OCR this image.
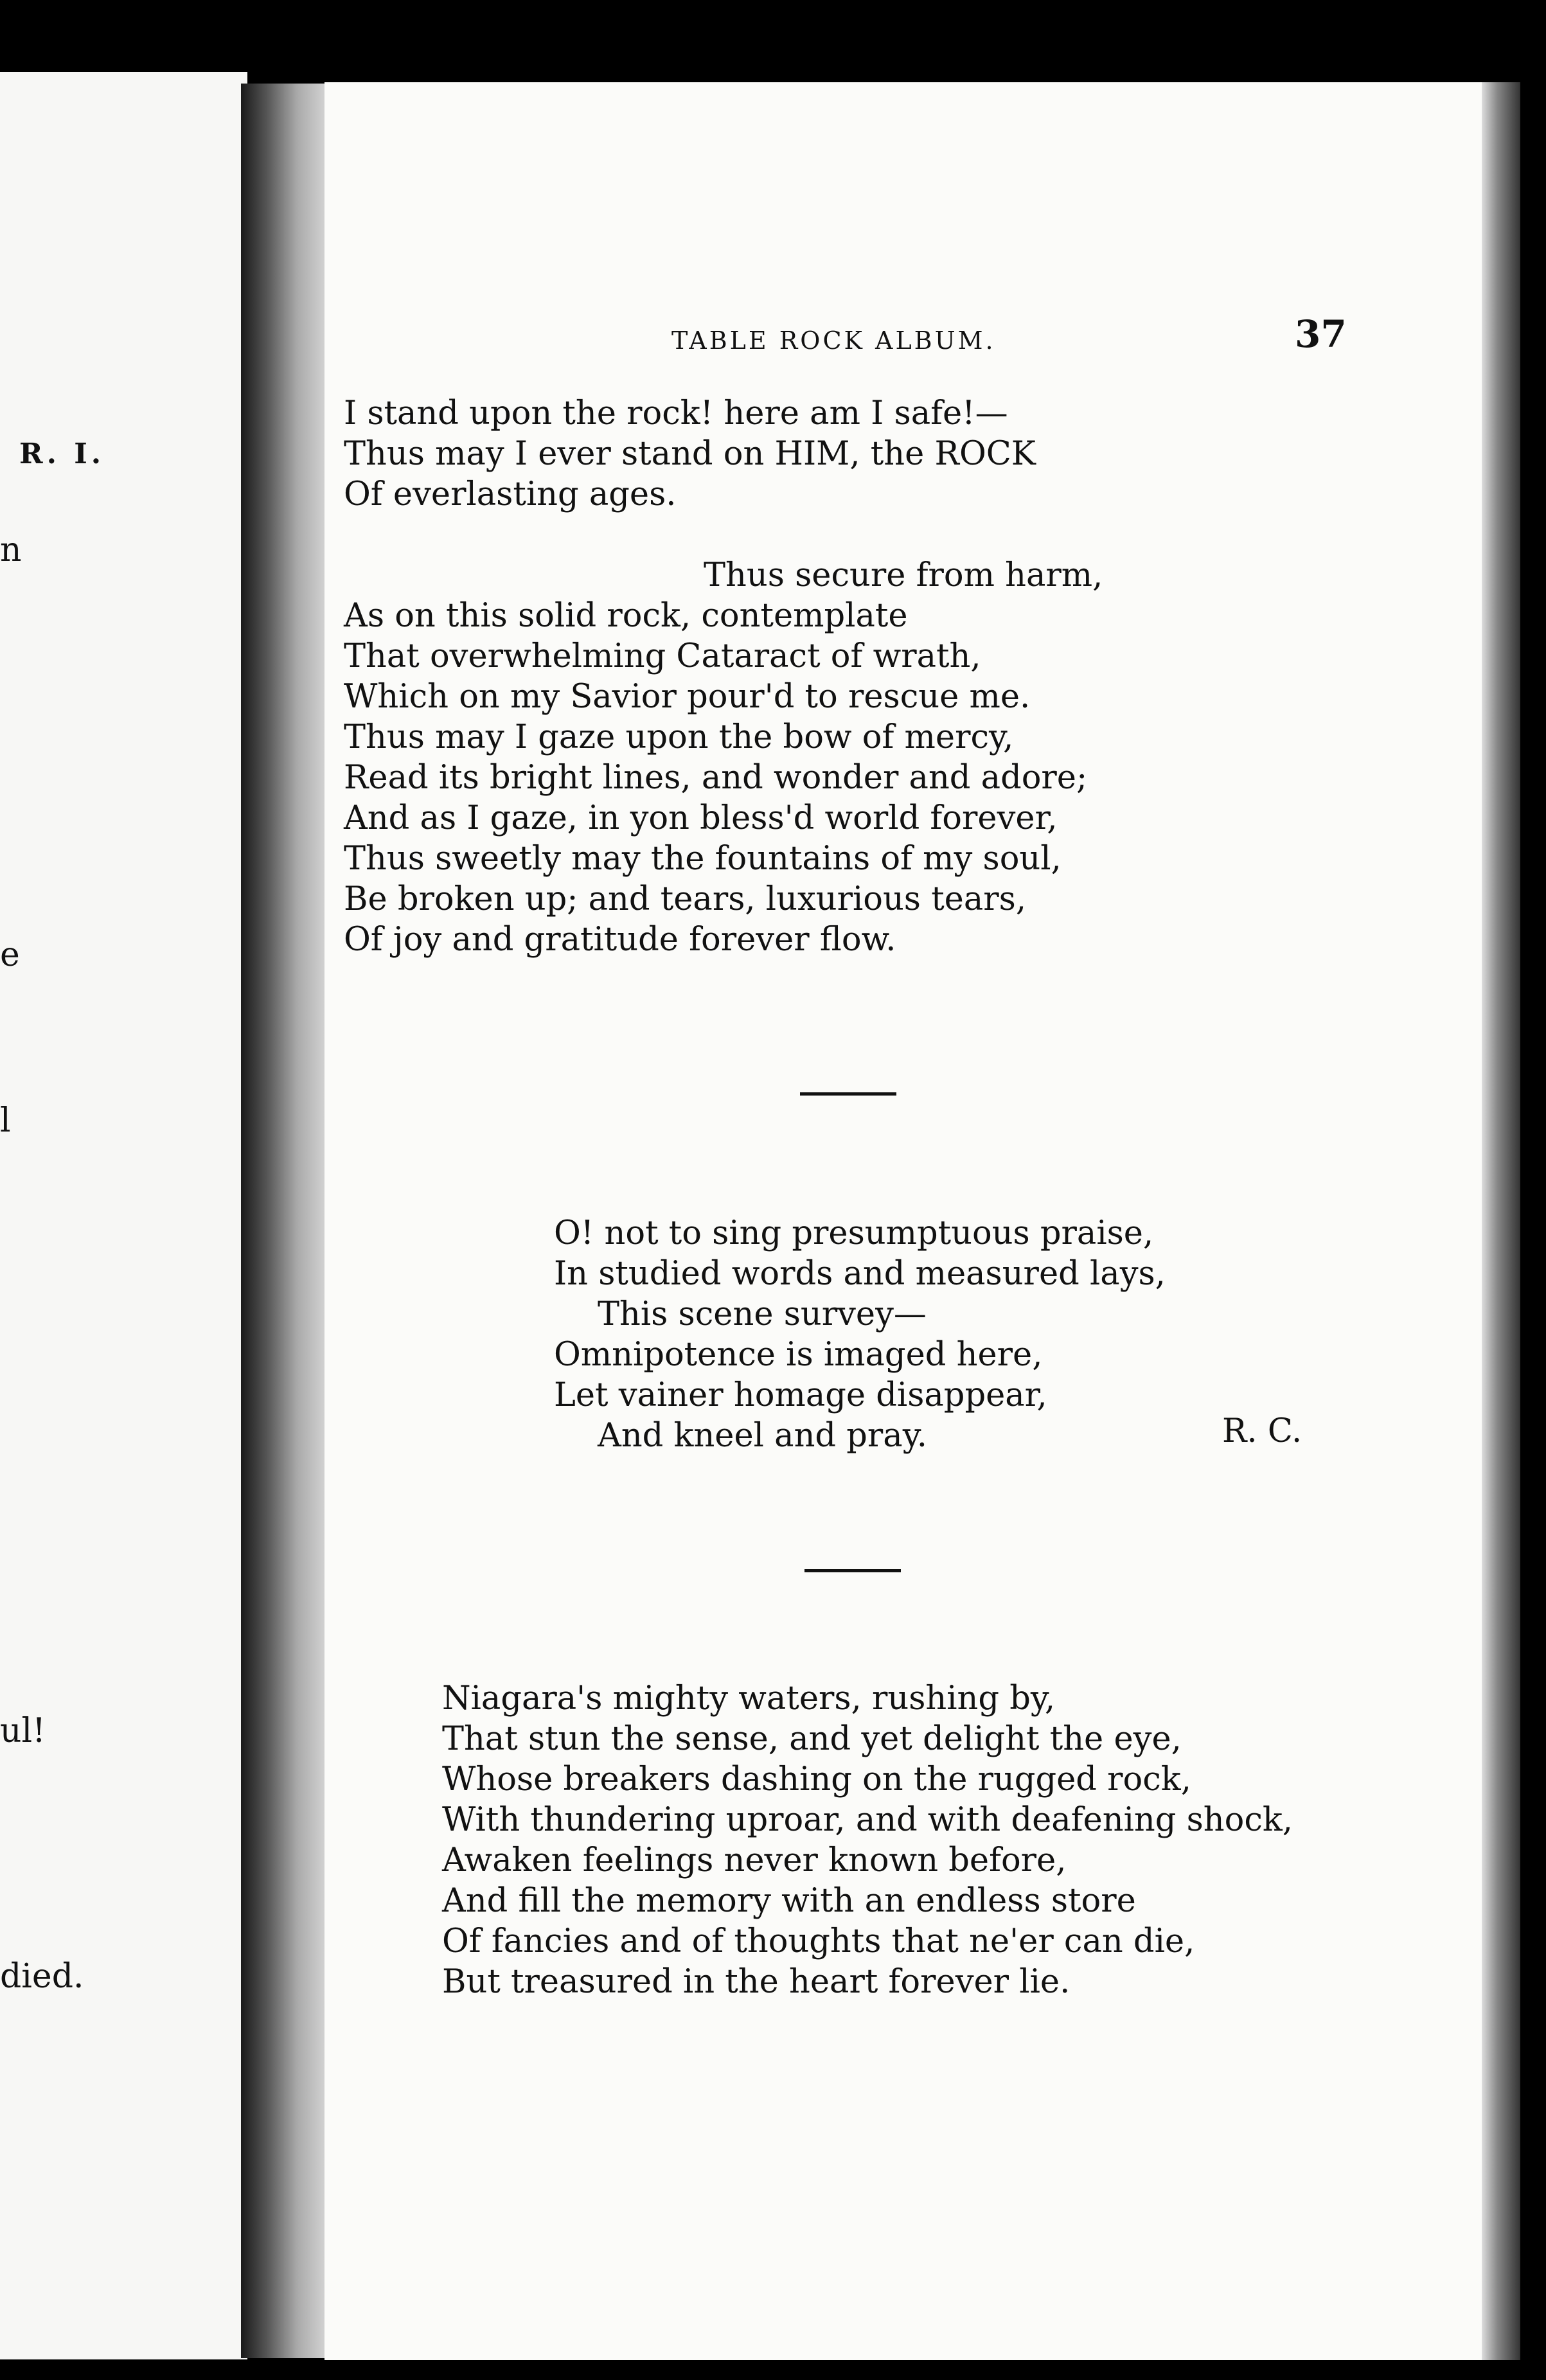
R. I.
n
e
l
ul!
died.
TABLE ROCK ALBUM.	37
I stand upon the rock! here am I safe!—
Thus may I ever stand on HIM, the ROCK
Of everlasting ages.
Thus secure from harm,
As on this solid rock, contemplate
That overwhelming Cataract of wrath,
Which on my Savior pour'd to rescue me.
Thus may I gaze upon the bow of mercy,
Read its bright lines, and wonder and adore;
And as I gaze, in yon bless'd world forever,
Thus sweetly may the fountains of my soul,
Be broken up; and tears, luxurious tears,
Of joy and gratitude forever flow.
O! not to sing presumptuous praise,
In studied words and measured lays,
This scene survey—
Omnipotence is imaged here,
Let vainer homage disappear,
And kneel and pray.	R. C.
Niagara's mighty waters, rushing by,
That stun the sense, and yet delight the eye,
Whose breakers dashing on the rugged rock,
With thundering uproar, and with deafening shock,
Awaken feelings never known before,
And fill the memory with an endless store
Of fancies and of thoughts that ne'er can die,
But treasured in the heart forever lie.
